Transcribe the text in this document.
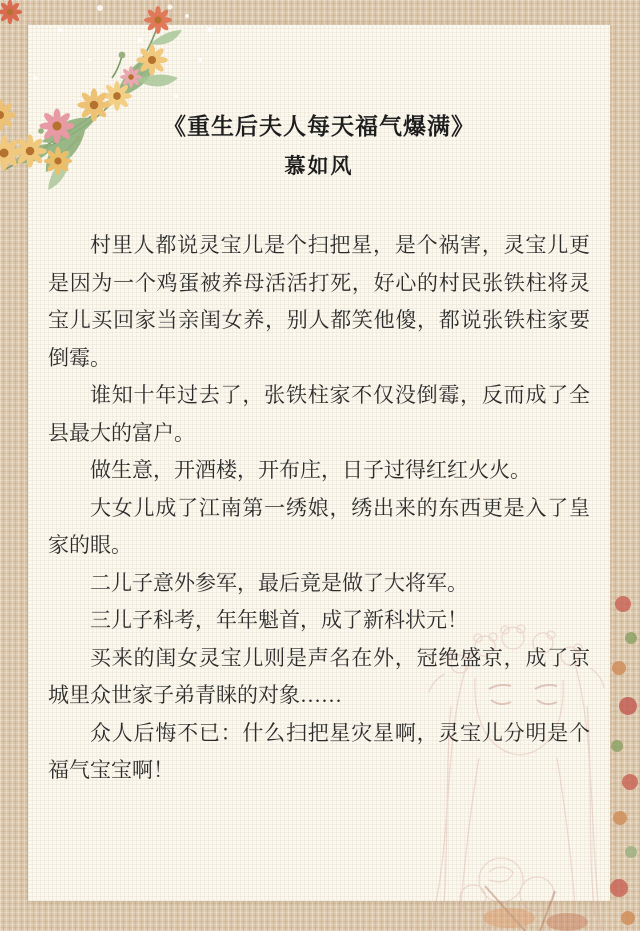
《重生后夫人每天福气爆满》
慕如风

村里人都说灵宝儿是个扫把星，是个祸害，灵宝儿更是因为一个鸡蛋被养母活活打死，好心的村民张铁柱将灵宝儿买回家当亲闺女养，别人都笑他傻，都说张铁柱家要倒霉。

谁知十年过去了，张铁柱家不仅没倒霉，反而成了全县最大的富户。

做生意，开酒楼，开布庄，日子过得红红火火。

大女儿成了江南第一绣娘，绣出来的东西更是入了皇家的眼。

二儿子意外参军，最后竟是做了大将军。

三儿子科考，年年魁首，成了新科状元！

买来的闺女灵宝儿则是声名在外，冠绝盛京，成了京城里众世家子弟青睐的对象……

众人后悔不已：什么扫把星灾星啊，灵宝儿分明是个福气宝宝啊！
